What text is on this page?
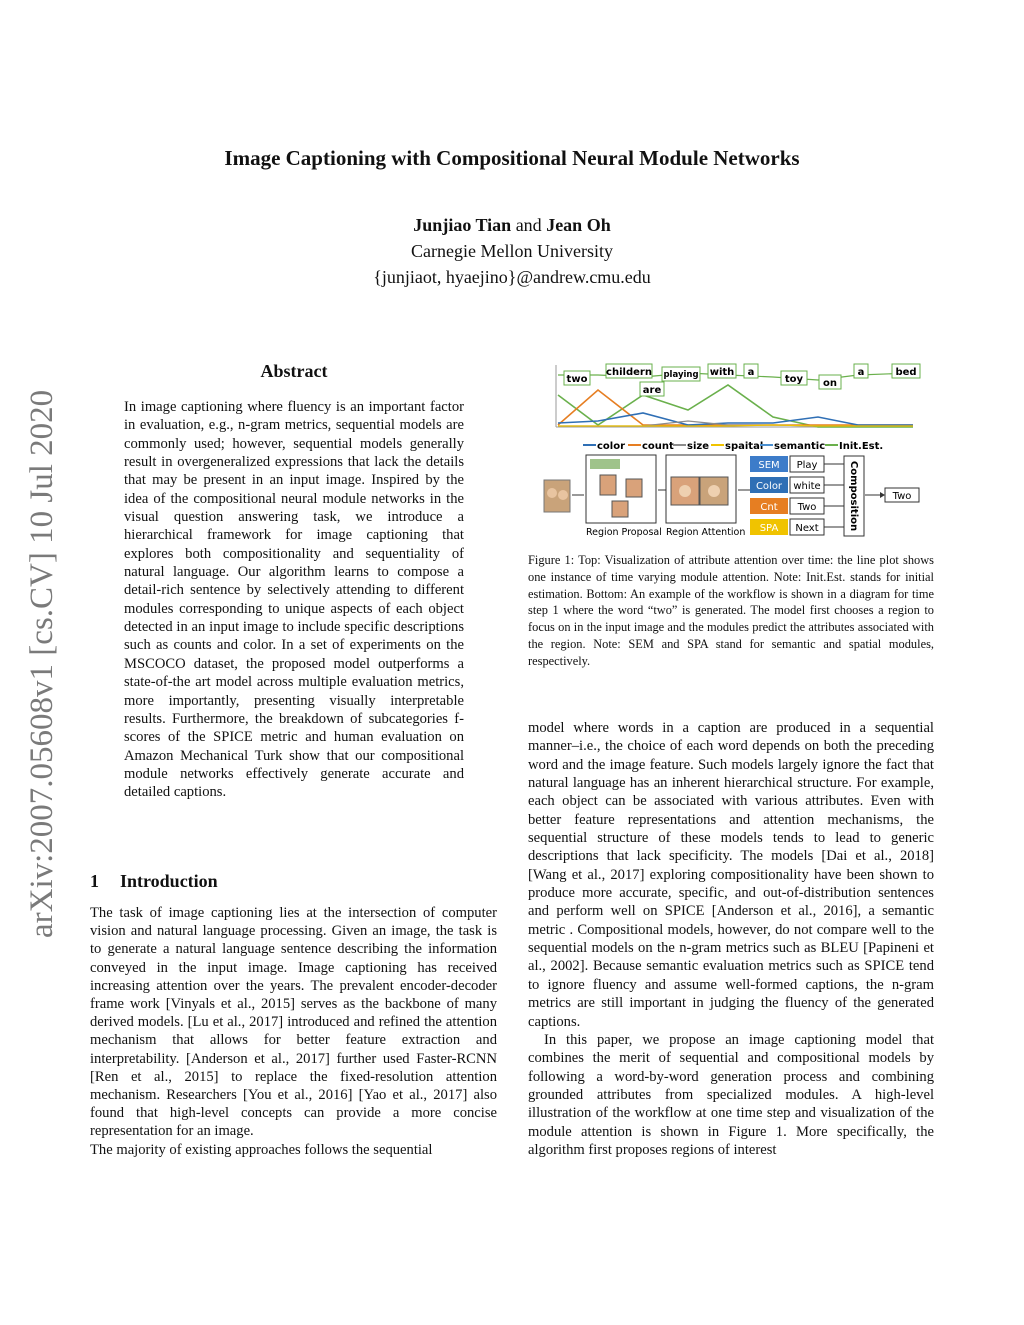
Image Captioning with Compositional Neural Module Networks
Junjiao Tian and Jean Oh
Carnegie Mellon University
{junjiaot, hyaejino}@andrew.cmu.edu
arXiv:2007.05608v1 [cs.CV] 10 Jul 2020
Abstract
In image captioning where fluency is an important factor in evaluation, e.g., n-gram metrics, sequential models are commonly used; however, sequential models generally result in overgeneralized expressions that lack the details that may be present in an input image. Inspired by the idea of the compositional neural module networks in the visual question answering task, we introduce a hierarchical framework for image captioning that explores both compositionality and sequentiality of natural language. Our algorithm learns to compose a detail-rich sentence by selectively attending to different modules corresponding to unique aspects of each object detected in an input image to include specific descriptions such as counts and color. In a set of experiments on the MSCOCO dataset, the proposed model outperforms a state-of-the art model across multiple evaluation metrics, more importantly, presenting visually interpretable results. Furthermore, the breakdown of subcategories f-scores of the SPICE metric and human evaluation on Amazon Mechanical Turk show that our compositional module networks effectively generate accurate and detailed captions.
1 Introduction

The task of image captioning lies at the intersection of computer vision and natural language processing. Given an image, the task is to generate a natural language sentence describing the information conveyed in the input image. Image captioning has received increasing attention over the years. The prevalent encoder-decoder frame work [Vinyals et al., 2015] serves as the backbone of many derived models. [Lu et al., 2017] introduced and refined the attention mechanism that allows for better feature extraction and interpretability. [Anderson et al., 2017] further used Faster-RCNN [Ren et al., 2015] to replace the fixed-resolution attention mechanism. Researchers [You et al., 2016] [Yao et al., 2017] also found that high-level concepts can provide a more concise representation for an image.

The majority of existing approaches follows the sequential

model where words in a caption are produced in a sequential manner–i.e., the choice of each word depends on both the preceding word and the image feature. Such models largely ignore the fact that natural language has an inherent hierarchical structure. For example, each object can be associated with various attributes. Even with better feature representations and attention mechanisms, the sequential structure of these models tends to lead to generic descriptions that lack specificity. The models [Dai et al., 2018] [Wang et al., 2017] exploring compositionality have been shown to produce more accurate, specific, and out-of-distribution sentences and perform well on SPICE [Anderson et al., 2016], a semantic metric . Compositional models, however, do not compare well to the sequential models on the n-gram metrics such as BLEU [Papineni et al., 2002]. Because semantic evaluation metrics such as SPICE tend to ignore fluency and assume well-formed captions, the n-gram metrics are still important in judging the fluency of the generated captions.

In this paper, we propose an image captioning model that combines the merit of sequential and compositional models by following a word-by-word generation process and combining grounded attributes from specialized modules. A high-level illustration of the workflow at one time step and visualization of the module attention is shown in Figure 1. More specifically, the algorithm first proposes regions of interest

two
childern
are
playing with a
toy on
a	bed
color count size spaital semantic Init.Est.
Region Proposal Region Attention
SEM Play
Color white
Cnt Two
SPA Next	Composition	Two
Figure 1: Top: Visualization of attribute attention over time: the line plot shows one instance of time varying module attention. Note: Init.Est. stands for initial estimation. Bottom: An example of the workflow is shown in a diagram for time step 1 where the word “two” is generated. The model first chooses a region to focus on in the input image and the modules predict the attributes associated with the region. Note: SEM and SPA stand for semantic and spatial modules, respectively.
